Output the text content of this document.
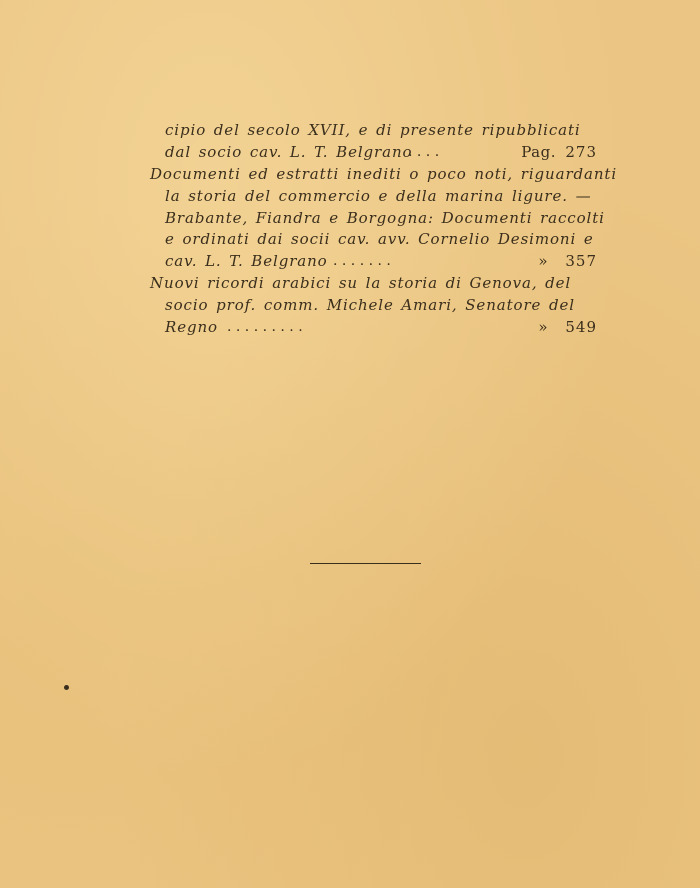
cipio del secolo XVII, e di presente ripubblicati
dal socio cav. L. T. Belgrano
. . . .	Pag. 273
Documenti ed estratti inediti o poco noti, riguardanti
la storia del commercio e della marina ligure. —
Brabante, Fiandra e Borgogna: Documenti raccolti
e ordinati dai socii cav. avv. Cornelio Desimoni e
cav. L. T. Belgrano . . . . . . .	» 357
Nuovi ricordi arabici su la storia di Genova, del
socio prof. comm. Michele Amari, Senatore del
Regno . . . . . . . . .	» 549
